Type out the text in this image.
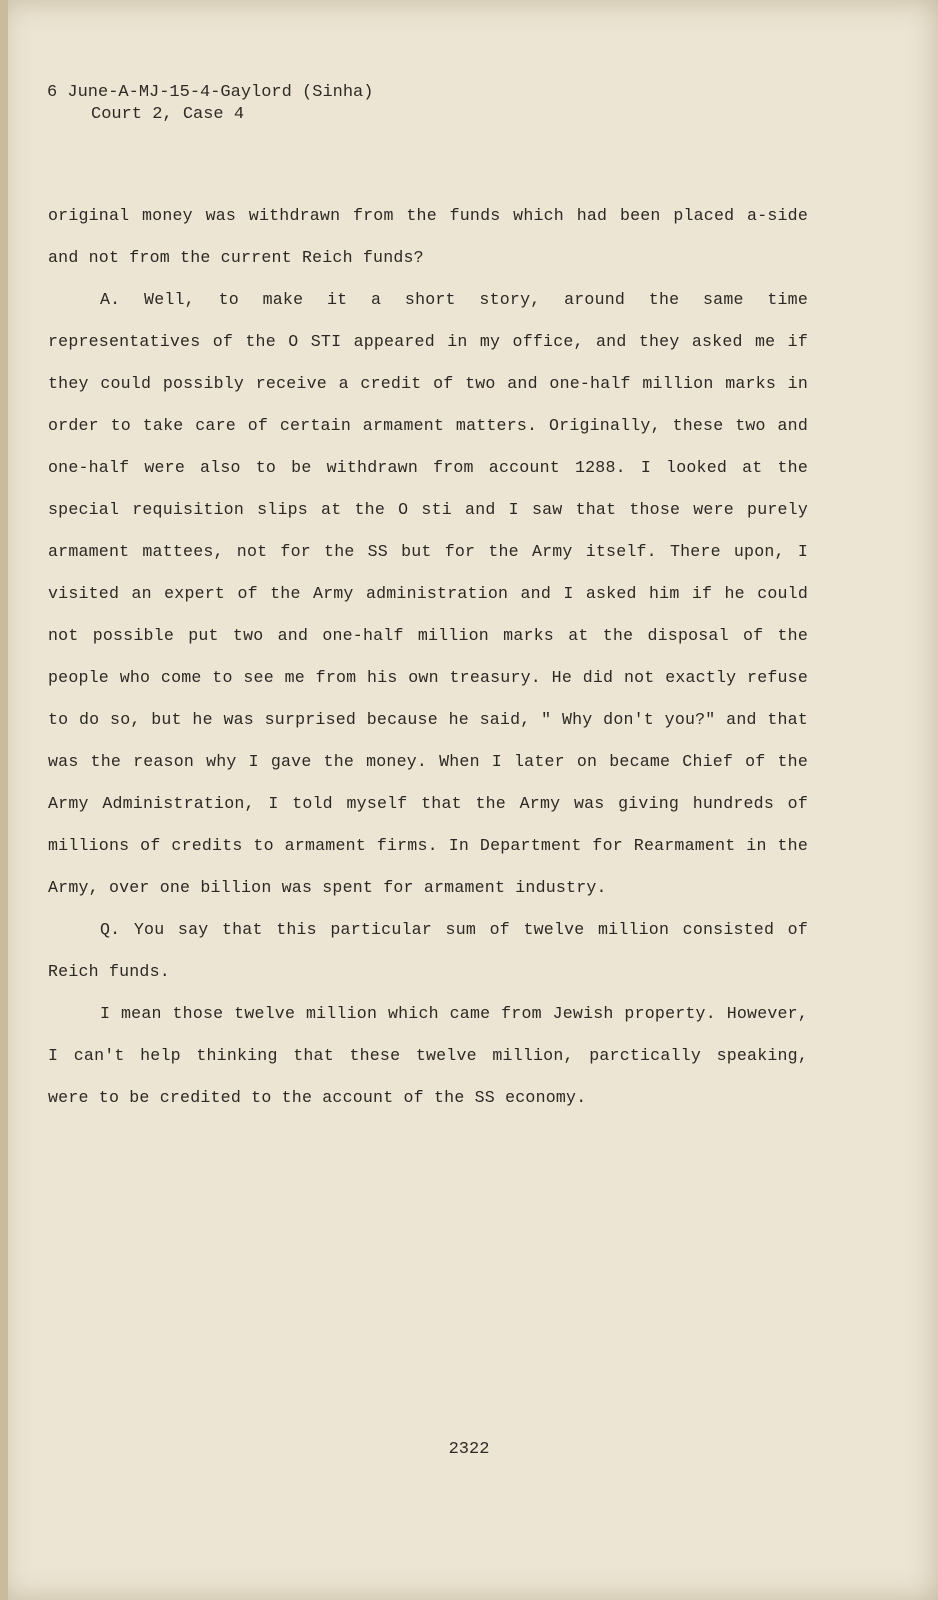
6 June-A-MJ-15-4-Gaylord (Sinha)
Court 2, Case 4

original money was withdrawn from the funds which had been placed a-side and not from the current Reich funds?

A. Well, to make it a short story, around the same time representatives of the O STI appeared in my office, and they asked me if they could possibly receive a credit of two and one-half million marks in order to take care of certain armament matters. Originally, these two and one-half were also to be withdrawn from account 1288. I looked at the special requisition slips at the O sti and I saw that those were purely armament mattees, not for the SS but for the Army itself. There upon, I visited an expert of the Army administration and I asked him if he could not possible put two and one-half million marks at the disposal of the people who come to see me from his own treasury. He did not exactly refuse to do so, but he was surprised because he said, " Why don't you?" and that was the reason why I gave the money. When I later on became Chief of the Army Administration, I told myself that the Army was giving hundreds of millions of credits to armament firms. In Department for Rearmament in the Army, over one billion was spent for armament industry.

Q. You say that this particular sum of twelve million consisted of Reich funds.

I mean those twelve million which came from Jewish property. However, I can't help thinking that these twelve million, parctically speaking, were to be credited to the account of the SS economy.

2322
